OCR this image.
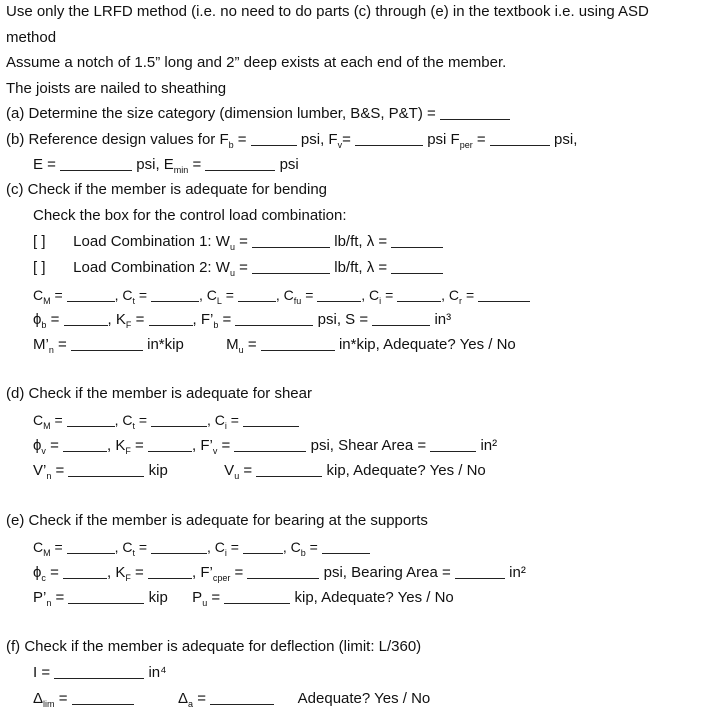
Use only the LRFD method (i.e. no need to do parts (c) through (e) in the textbook i.e. using ASD
method
Assume a notch of 1.5” long and 2” deep exists at each end of the member.
The joists are nailed to sheathing
(a) Determine the size category (dimension lumber, B&S, P&T) =
(b) Reference design values for $F_b$ =	psi, $F_v=$	psi $F_{per}$ =	psi,
E =	psi, $E_{min}$ =	psi
(c) Check if the member is adequate for bending
Check the box for the control load combination:
[ ] Load Combination 1: $W_u$ =	lb/ft, λ =
[ ] Load Combination 2: $W_u$ =	lb/ft, λ =
$C_M$ =	, $C_t$ =	, $C_L$ =	, $C_{fu}$ =	, $C_i$ =	, $C_r$ =
$\phi_b$ =	, $K_F$ =	, $F’_b$ =	psi, S =	in³
$M’_n$ =	in*kip	$M_u$ =	in*kip, Adequate? Yes / No
(d) Check if the member is adequate for shear
$C_M$ =	, $C_t$ =	, $C_i$ =
$\phi_v$ =	, $K_F$ =	, $F’_v$ =	psi, Shear Area =	in²
$V’_n$ =	kip	$V_u$ =	kip, Adequate? Yes / No
(e) Check if the member is adequate for bearing at the supports
$C_M$ =	, $C_t$ =	, $C_i$ =	, $C_b$ =
$\phi_c$ =	, $K_F$ =	, $F’_{cper}$ =	psi, Bearing Area =	in²
$P’_n$ =	kip $P_u$ =	kip, Adequate? Yes / No
(f) Check if the member is adequate for deflection (limit: L/360)
I =	in⁴
$\Delta_{lim}$ =	$\Delta_a$ =	Adequate? Yes / No
